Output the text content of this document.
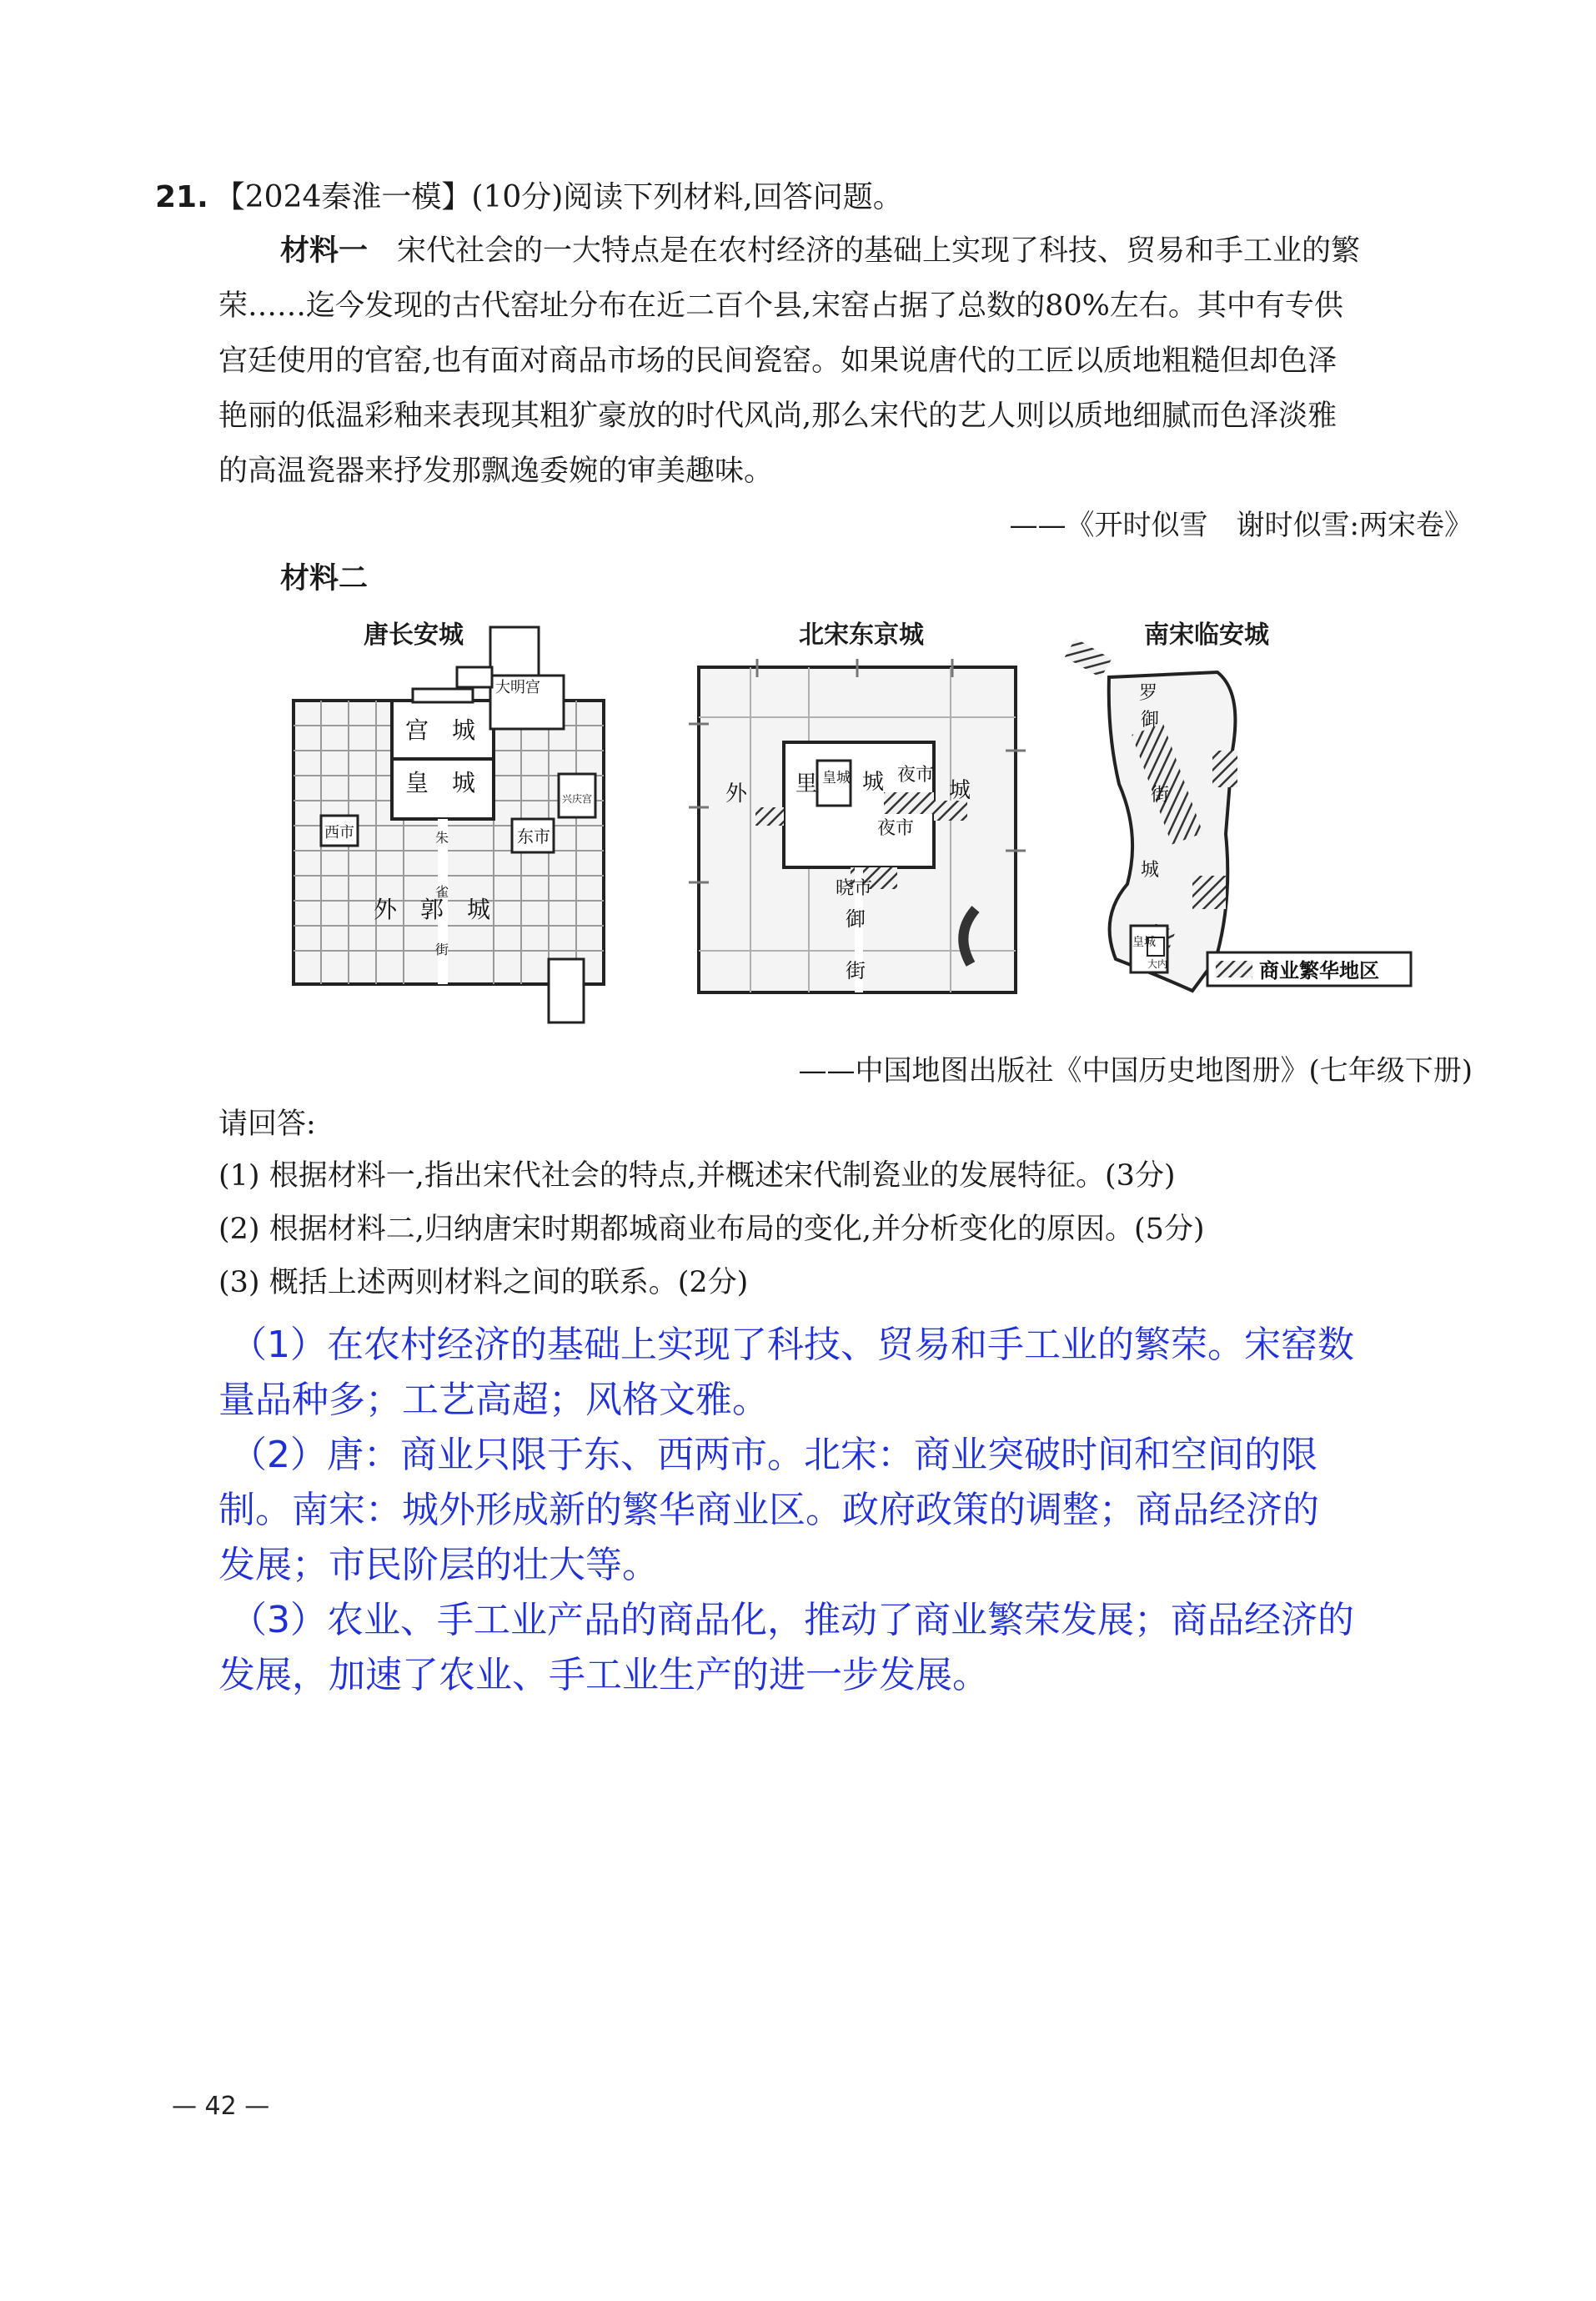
21. 【2024秦淮一模】(10分)阅读下列材料,回答问题。
材料一　 宋代社会的一大特点是在农村经济的基础上实现了科技、贸易和手工业的繁
荣……迄今发现的古代窑址分布在近二百个县,宋窑占据了总数的80%左右。其中有专供
宫廷使用的官窑,也有面对商品市场的民间瓷窑。如果说唐代的工匠以质地粗糙但却色泽
艳丽的低温彩釉来表现其粗犷豪放的时代风尚,那么宋代的艺人则以质地细腻而色泽淡雅
的高温瓷器来抒发那飘逸委婉的审美趣味。
——《开时似雪　谢时似雪:两宋卷》
材料二
唐长安城	北宋东京城	南宋临安城
宫　城
皇　城
大明宫
兴庆宫
西市	东市
外　郭　城
朱
雀
街
外 里 皇城 城 夜市
夜市
城
晓市
御
街
罗
御
街
城
皇城
大内	商业繁华地区
——中国地图出版社《中国历史地图册》(七年级下册)
请回答:
(1) 根据材料一,指出宋代社会的特点,并概述宋代制瓷业的发展特征。(3分)
(2) 根据材料二,归纳唐宋时期都城商业布局的变化,并分析变化的原因。(5分)
(3) 概括上述两则材料之间的联系。(2分)
（1）在农村经济的基础上实现了科技、贸易和手工业的繁荣。宋窑数
量品种多；工艺高超；风格文雅。
（2）唐：商业只限于东、西两市。北宋：商业突破时间和空间的限
制。南宋：城外形成新的繁华商业区。政府政策的调整；商品经济的
发展；市民阶层的壮大等。
（3）农业、手工业产品的商品化，推动了商业繁荣发展；商品经济的
发展，加速了农业、手工业生产的进一步发展。
— 42 —
